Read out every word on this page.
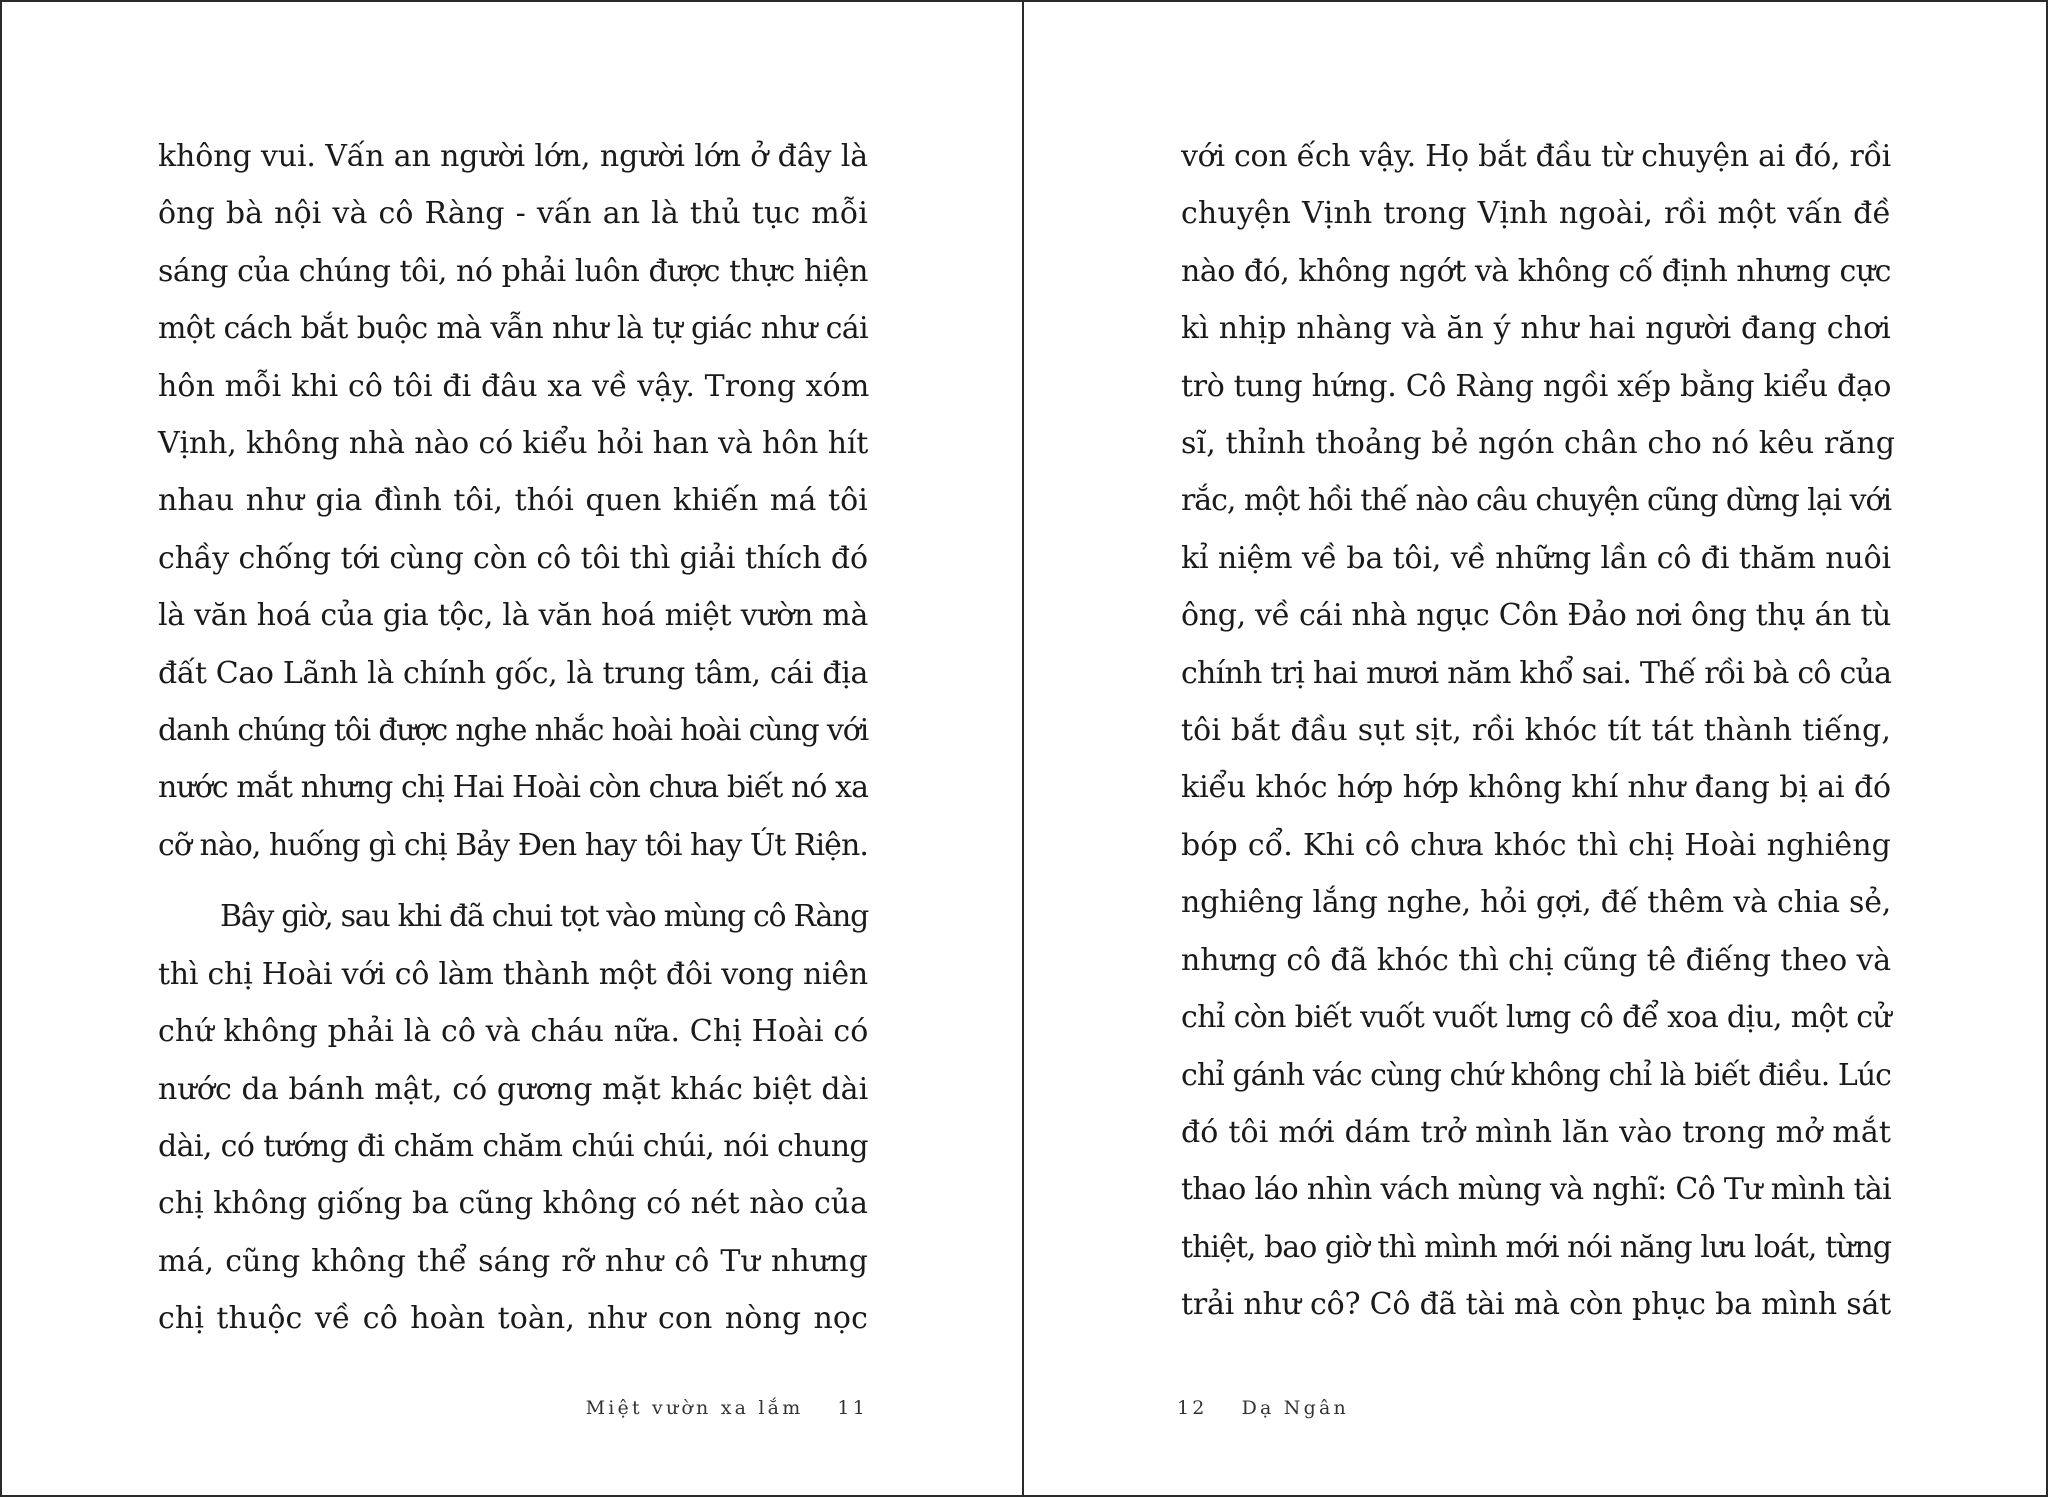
không vui. Vấn an người lớn, người lớn ở đây là
ông bà nội và cô Ràng - vấn an là thủ tục mỗi
sáng của chúng tôi, nó phải luôn được thực hiện
một cách bắt buộc mà vẫn như là tự giác như cái
hôn mỗi khi cô tôi đi đâu xa về vậy. Trong xóm
Vịnh, không nhà nào có kiểu hỏi han và hôn hít
nhau như gia đình tôi, thói quen khiến má tôi
chầy chống tới cùng còn cô tôi thì giải thích đó
là văn hoá của gia tộc, là văn hoá miệt vườn mà
đất Cao Lãnh là chính gốc, là trung tâm, cái địa
danh chúng tôi được nghe nhắc hoài hoài cùng với
nước mắt nhưng chị Hai Hoài còn chưa biết nó xa
cỡ nào, huống gì chị Bảy Đen hay tôi hay Út Riện.
Bây giờ, sau khi đã chui tọt vào mùng cô Ràng
thì chị Hoài với cô làm thành một đôi vong niên
chứ không phải là cô và cháu nữa. Chị Hoài có
nước da bánh mật, có gương mặt khác biệt dài
dài, có tướng đi chăm chăm chúi chúi, nói chung
chị không giống ba cũng không có nét nào của
má, cũng không thể sáng rỡ như cô Tư nhưng
chị thuộc về cô hoàn toàn, như con nòng nọc
Miệt vườn xa lắm 11
với con ếch vậy. Họ bắt đầu từ chuyện ai đó, rồi
chuyện Vịnh trong Vịnh ngoài, rồi một vấn đề
nào đó, không ngớt và không cố định nhưng cực
kì nhịp nhàng và ăn ý như hai người đang chơi
trò tung hứng. Cô Ràng ngồi xếp bằng kiểu đạo
sĩ, thỉnh thoảng bẻ ngón chân cho nó kêu răng
rắc, một hồi thế nào câu chuyện cũng dừng lại với
kỉ niệm về ba tôi, về những lần cô đi thăm nuôi
ông, về cái nhà ngục Côn Đảo nơi ông thụ án tù
chính trị hai mươi năm khổ sai. Thế rồi bà cô của
tôi bắt đầu sụt sịt, rồi khóc tít tát thành tiếng,
kiểu khóc hớp hớp không khí như đang bị ai đó
bóp cổ. Khi cô chưa khóc thì chị Hoài nghiêng
nghiêng lắng nghe, hỏi gợi, đế thêm và chia sẻ,
nhưng cô đã khóc thì chị cũng tê điếng theo và
chỉ còn biết vuốt vuốt lưng cô để xoa dịu, một cử
chỉ gánh vác cùng chứ không chỉ là biết điều. Lúc
đó tôi mới dám trở mình lăn vào trong mở mắt
thao láo nhìn vách mùng và nghĩ: Cô Tư mình tài
thiệt, bao giờ thì mình mới nói năng lưu loát, từng
trải như cô? Cô đã tài mà còn phục ba mình sát
12 Dạ Ngân
